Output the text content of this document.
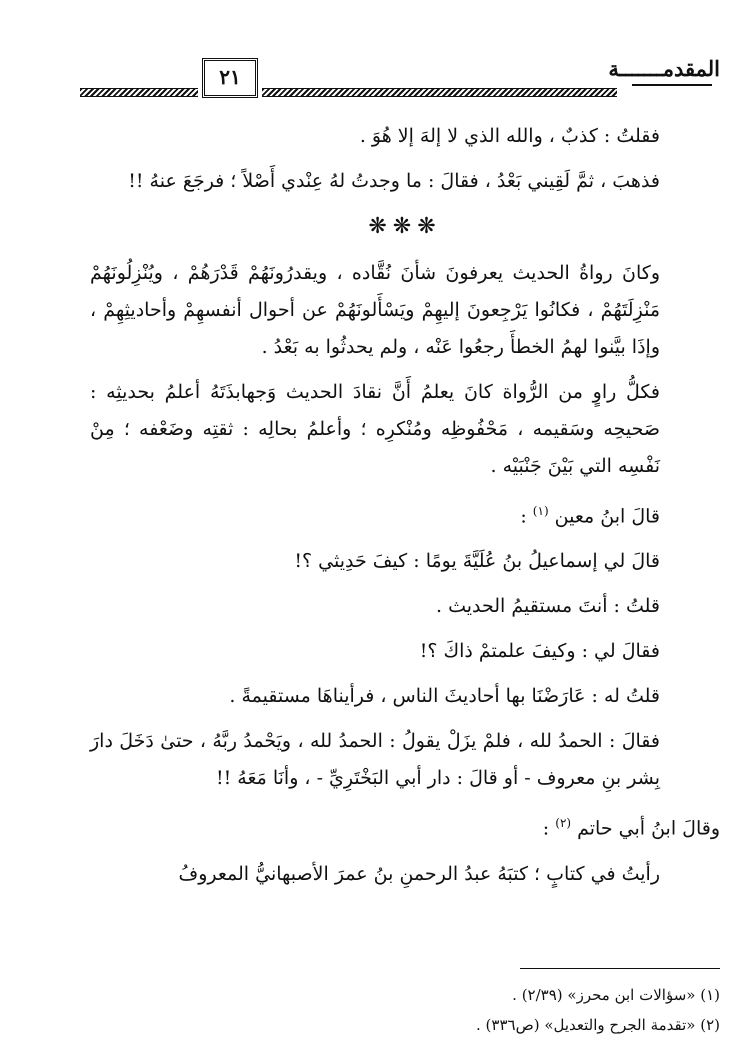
المقدمـــــــة
٢١

فقلتُ : كذبٌ ، والله الذي لا إلهَ إلا هُوَ .

فذهبَ ، ثمَّ لَقِيني بَعْدُ ، فقالَ : ما وجدتُ لهُ عِنْدي أَصْلاً ؛ فرجَعَ عنهُ !!

❋❋❋

وكانَ رواةُ الحديث يعرفونَ شأنَ نُقَّاده ، ويقدرُونَهُمْ قَدْرَهُمْ ، ويُنْزِلُونَهُمْ مَنْزِلَتَهُمْ ، فكانُوا يَرْجِعونَ إليهِمْ ويَسْأَلونَهُمْ عن أحوال أنفسهِمْ وأحاديثِهِمْ ، وإذَا بيَّنوا لهمُ الخطأَ رجعُوا عَنْه ، ولم يحدثُوا به بَعْدُ .

فكلُّ راوٍ من الرُّواة كانَ يعلمُ أَنَّ نقادَ الحديث وَجهابذَتَهُ أعلمُ بحديثِه : صَحيحِه وسَقيمه ، مَحْفُوظِه ومُنْكرِه ؛ وأعلمُ بحالِه : ثقتِه وضَعْفه ؛ مِنْ نَفْسِه التي بَيْنَ جَنْبَيْه .

قالَ ابنُ معين $^{(١)}$ :

قالَ لي إسماعيلُ بنُ عُلَيَّةَ يومًا : كيفَ حَدِيثي ؟!

قلتُ : أنتَ مستقيمُ الحديث .

فقالَ لي : وكيفَ علمتمْ ذاكَ ؟!

قلتُ له : عَارَضْنَا بها أحاديثَ الناس ، فرأيناهَا مستقيمةً .

فقالَ : الحمدُ لله ، فلمْ يزَلْ يقولُ : الحمدُ لله ، ويَحْمدُ ربَّهُ ، حتىٰ دَخَلَ دارَ بِشر بنِ معروف - أو قالَ : دار أبي البَخْتَرِيِّ - ، وأنَا مَعَهُ !!

وقالَ ابنُ أبي حاتم $^{(٢)}$ :

رأيتُ في كتابٍ ؛ كتبَهُ عبدُ الرحمنِ بنُ عمرَ الأصبهانيُّ المعروفُ

(١) «سؤالات ابن محرز» (٢/٣٩) .
(٢) «تقدمة الجرح والتعديل» (ص٣٣٦) .
